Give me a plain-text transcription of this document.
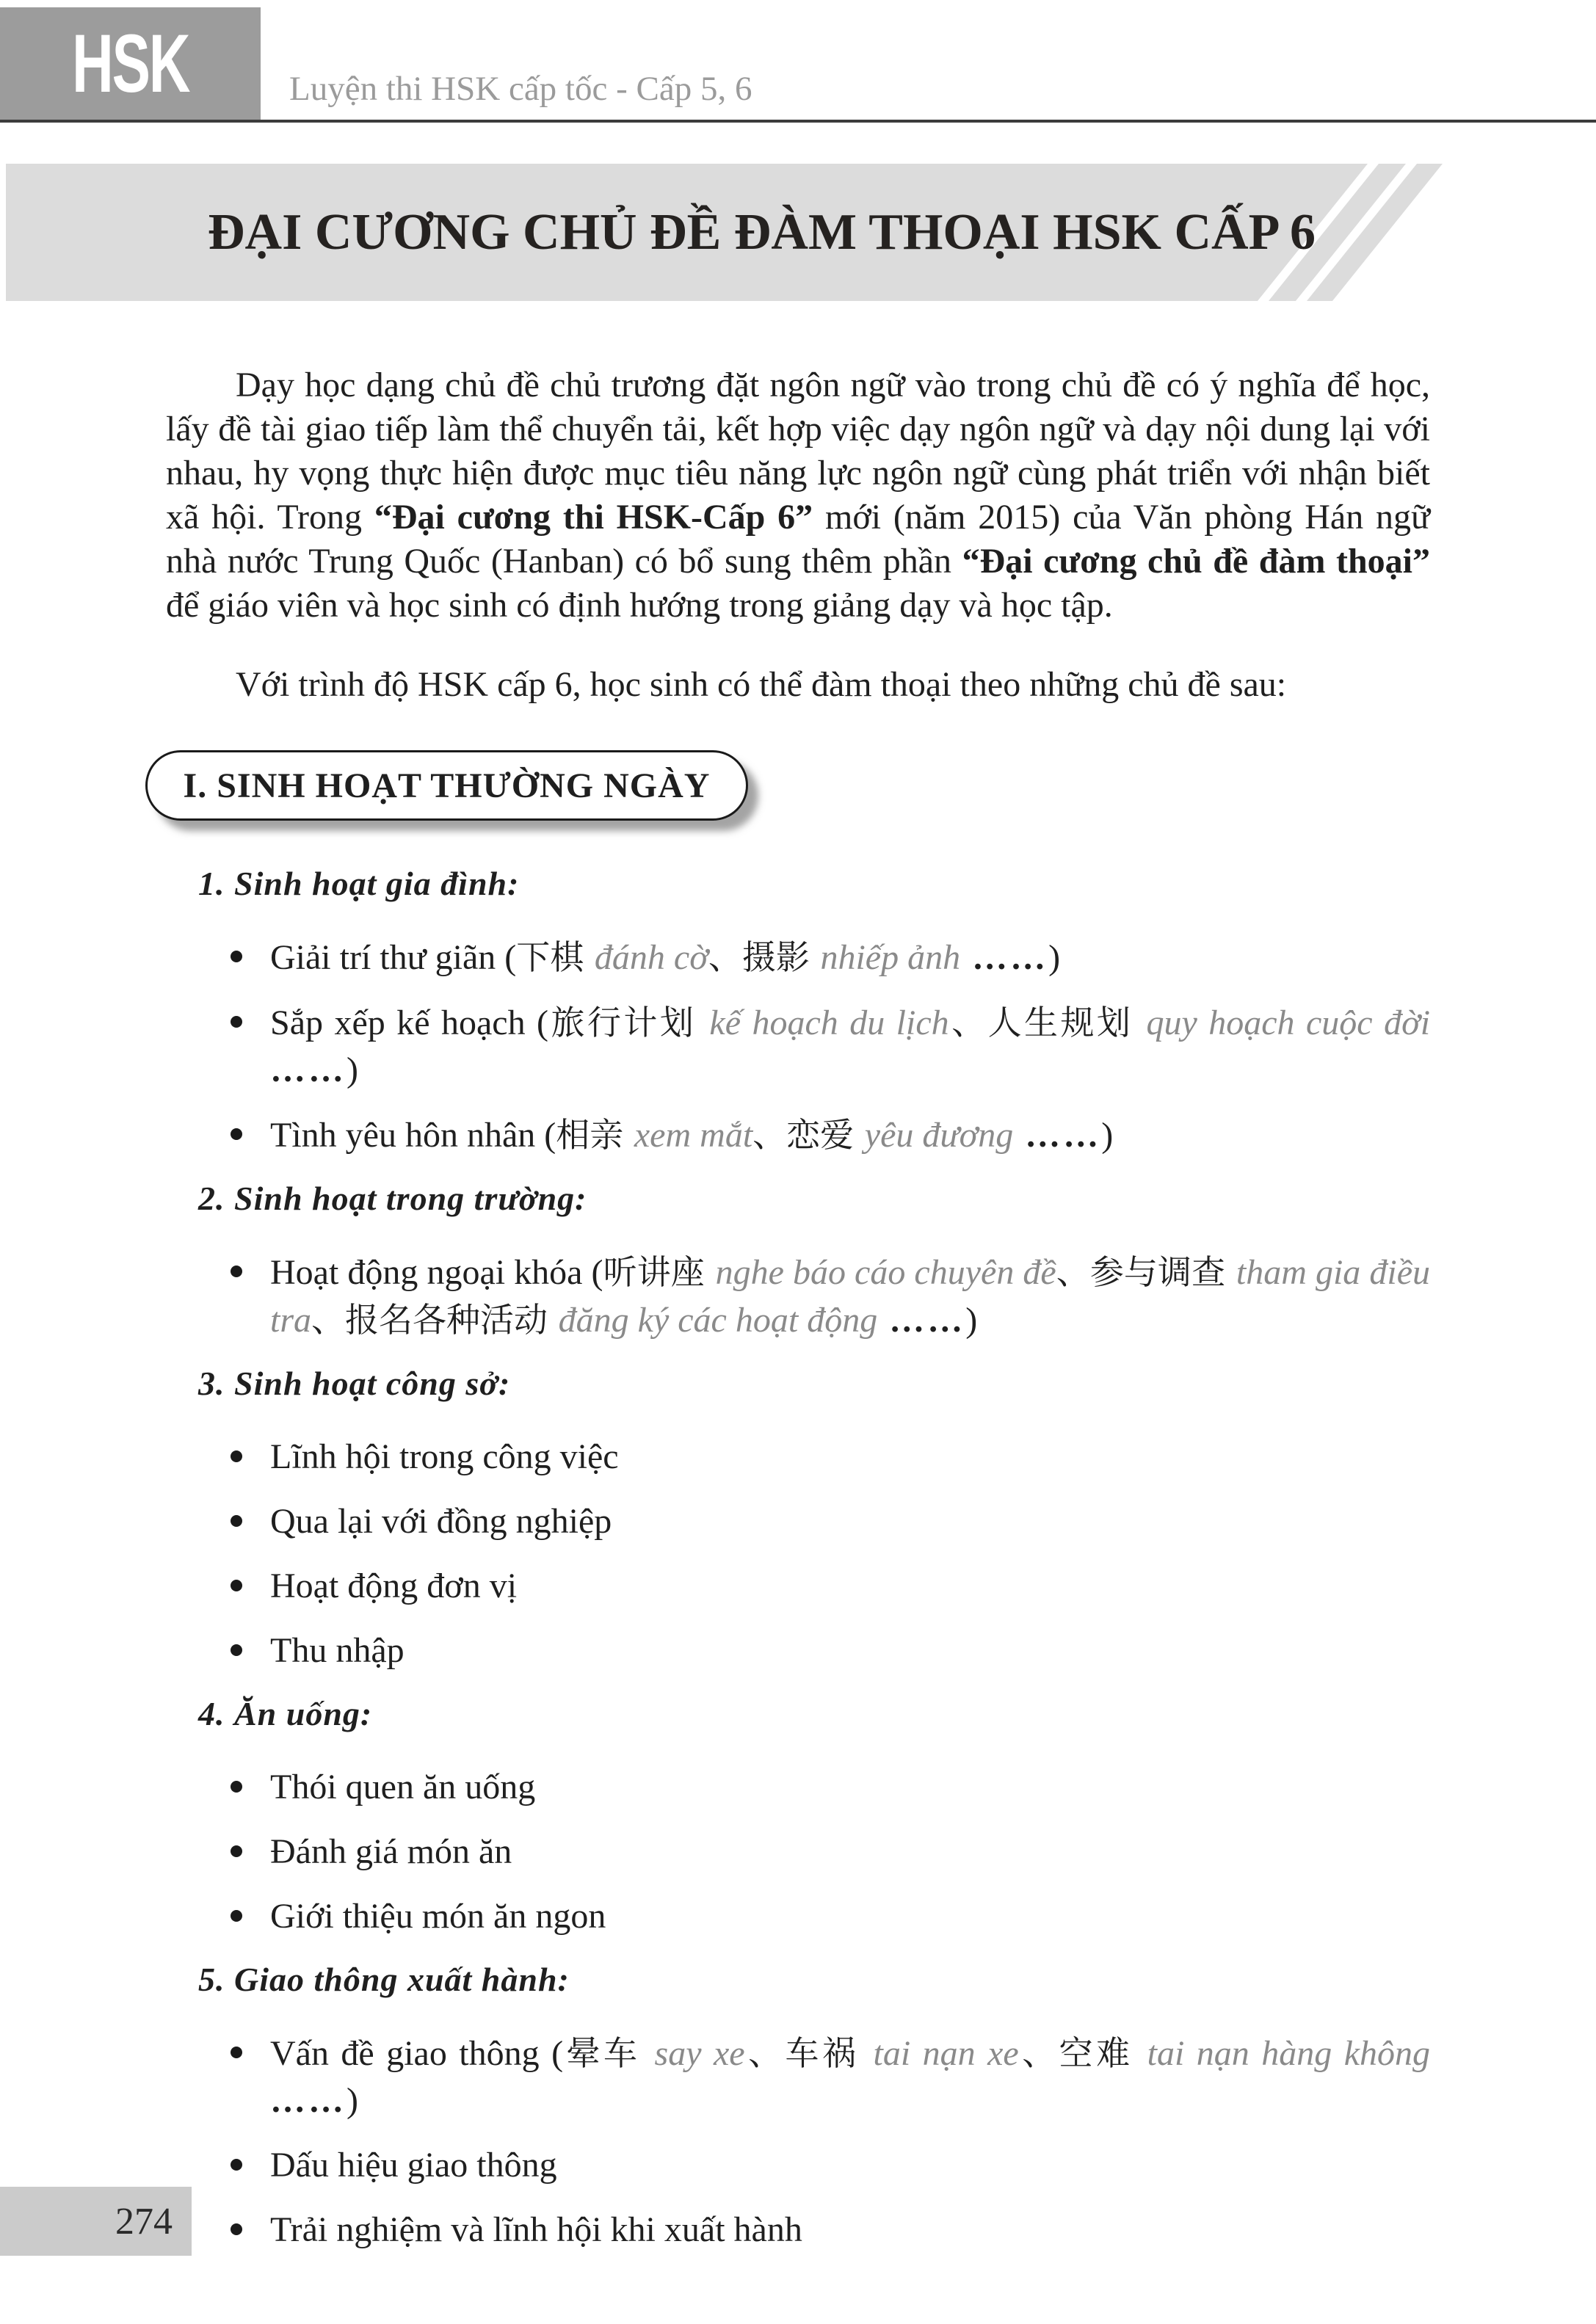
HSK	Luyện thi HSK cấp tốc - Cấp 5, 6
ĐẠI CƯƠNG CHỦ ĐỀ ĐÀM THOẠI HSK CẤP 6

Dạy học dạng chủ đề chủ trương đặt ngôn ngữ vào trong chủ đề có ý nghĩa để học, lấy đề tài giao tiếp làm thể chuyển tải, kết hợp việc dạy ngôn ngữ và dạy nội dung lại với nhau, hy vọng thực hiện được mục tiêu năng lực ngôn ngữ cùng phát triển với nhận biết xã hội. Trong “Đại cương thi HSK-Cấp 6” mới (năm 2015) của Văn phòng Hán ngữ nhà nước Trung Quốc (Hanban) có bổ sung thêm phần “Đại cương chủ đề đàm thoại” để giáo viên và học sinh có định hướng trong giảng dạy và học tập.

Với trình độ HSK cấp 6, học sinh có thể đàm thoại theo những chủ đề sau:

I. SINH HOẠT THƯỜNG NGÀY
1. Sinh hoạt gia đình:
Giải trí thư giãn (下棋 đánh cờ、摄影 nhiếp ảnh ……)
Sắp xếp kế hoạch (旅行计划 kế hoạch du lịch、人生规划 quy hoạch cuộc đời ……)
Tình yêu hôn nhân (相亲 xem mắt、恋爱 yêu đương ……)
2. Sinh hoạt trong trường:
Hoạt động ngoại khóa (听讲座 nghe báo cáo chuyên đề、参与调查 tham gia điều tra、报名各种活动 đăng ký các hoạt động ……)
3. Sinh hoạt công sở:
Lĩnh hội trong công việc
Qua lại với đồng nghiệp
Hoạt động đơn vị
Thu nhập
4. Ăn uống:
Thói quen ăn uống
Đánh giá món ăn
Giới thiệu món ăn ngon
5. Giao thông xuất hành:
Vấn đề giao thông (晕车 say xe、车祸 tai nạn xe、空难 tai nạn hàng không ……)
Dấu hiệu giao thông
Trải nghiệm và lĩnh hội khi xuất hành
274
